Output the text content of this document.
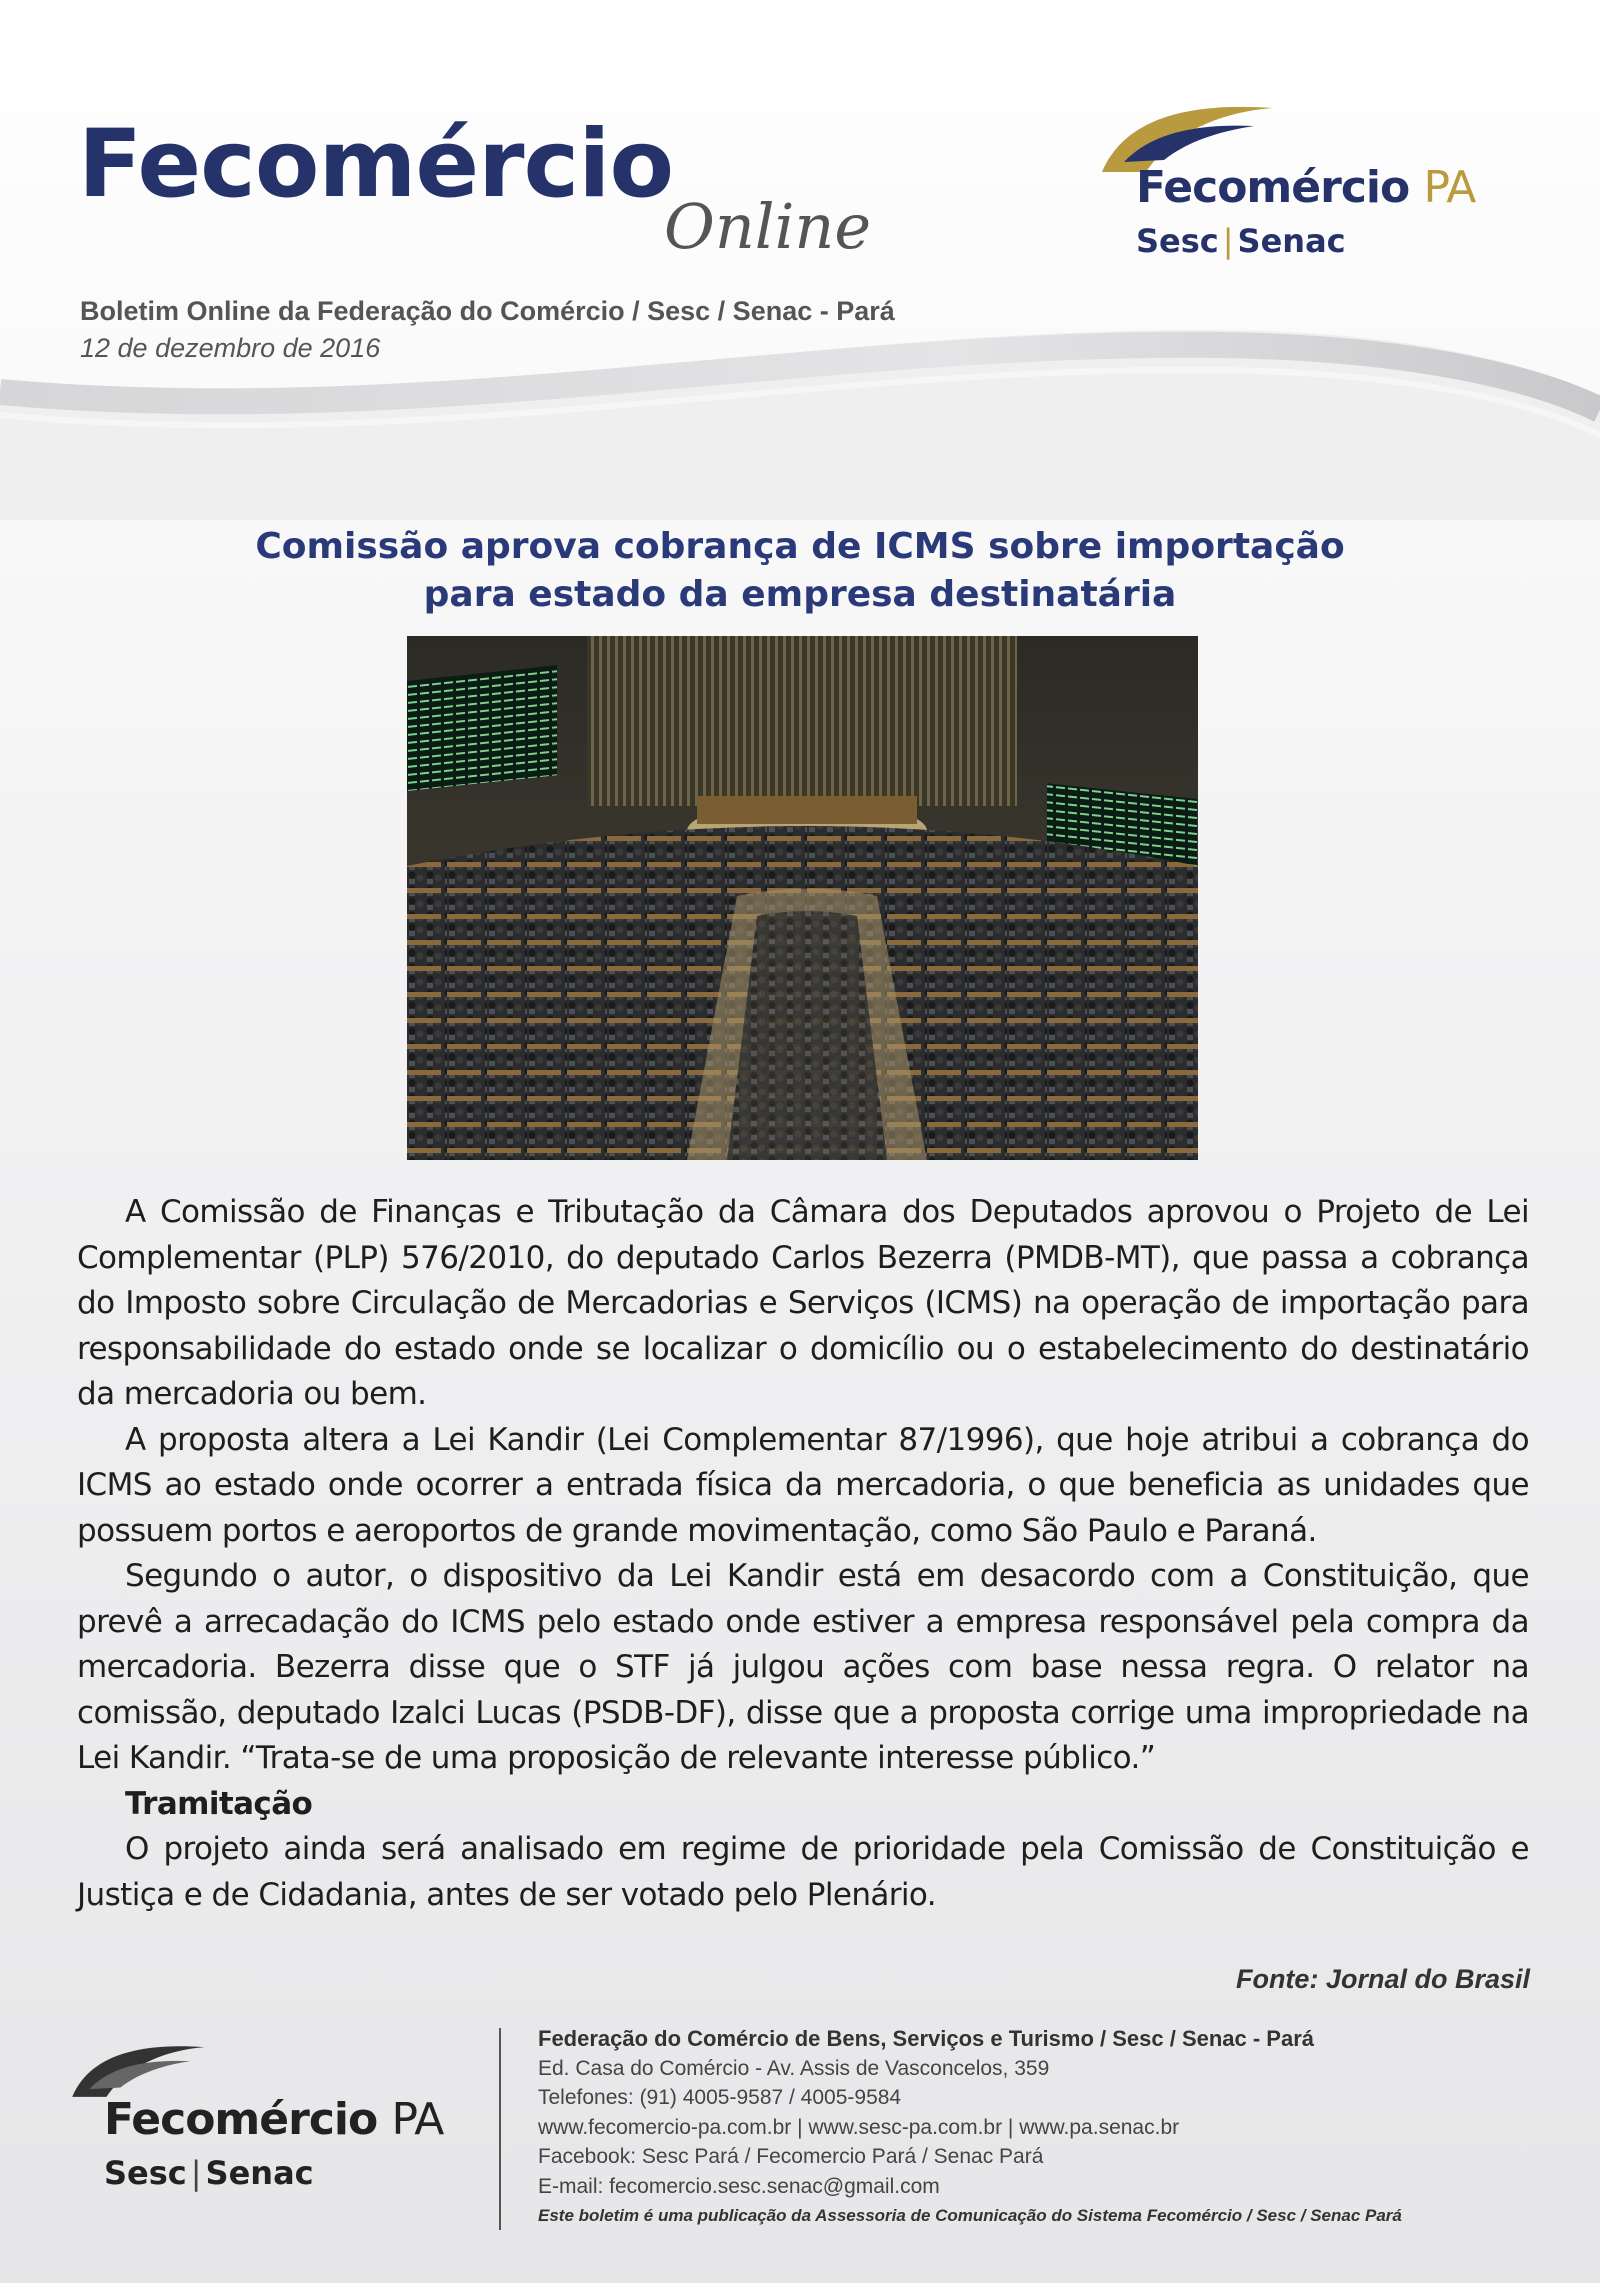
Fecomércio
Online
Boletim Online da Federação do Comércio / Sesc / Senac - Pará
12 de dezembro de 2016
Fecomércio PA
Sesc | Senac
Comissão aprova cobrança de ICMS sobre importação
para estado da empresa destinatária

A Comissão de Finanças e Tributação da Câmara dos Deputados aprovou o Projeto de Lei Complementar (PLP) 576/2010, do deputado Carlos Bezerra (PMDB-MT), que passa a cobrança do Imposto sobre Circulação de Mercadorias e Serviços (ICMS) na operação de importação para responsabilidade do estado onde se localizar o domicílio ou o estabelecimento do destinatário da mercadoria ou bem.

A proposta altera a Lei Kandir (Lei Complementar 87/1996), que hoje atribui a cobrança do ICMS ao estado onde ocorrer a entrada física da mercadoria, o que beneficia as unidades que possuem portos e aeroportos de grande movimentação, como São Paulo e Paraná.

Segundo o autor, o dispositivo da Lei Kandir está em desacordo com a Constituição, que prevê a arrecadação do ICMS pelo estado onde estiver a empresa responsável pela compra da mercadoria. Bezerra disse que o STF já julgou ações com base nessa regra. O relator na comissão, deputado Izalci Lucas (PSDB-DF), disse que a proposta corrige uma impropriedade na Lei Kandir. “Trata-se de uma proposição de relevante interesse público.”

Tramitação

O projeto ainda será analisado em regime de prioridade pela Comissão de Constituição e Justiça e de Cidadania, antes de ser votado pelo Plenário.

Fonte: Jornal do Brasil
Fecomércio PA
Sesc | Senac
Federação do Comércio de Bens, Serviços e Turismo / Sesc / Senac - Pará
Ed. Casa do Comércio - Av. Assis de Vasconcelos, 359
Telefones: (91) 4005-9587 / 4005-9584
www.fecomercio-pa.com.br | www.sesc-pa.com.br | www.pa.senac.br
Facebook: Sesc Pará / Fecomercio Pará / Senac Pará
E-mail: fecomercio.sesc.senac@gmail.com
Este boletim é uma publicação da Assessoria de Comunicação do Sistema Fecomércio / Sesc / Senac Pará
